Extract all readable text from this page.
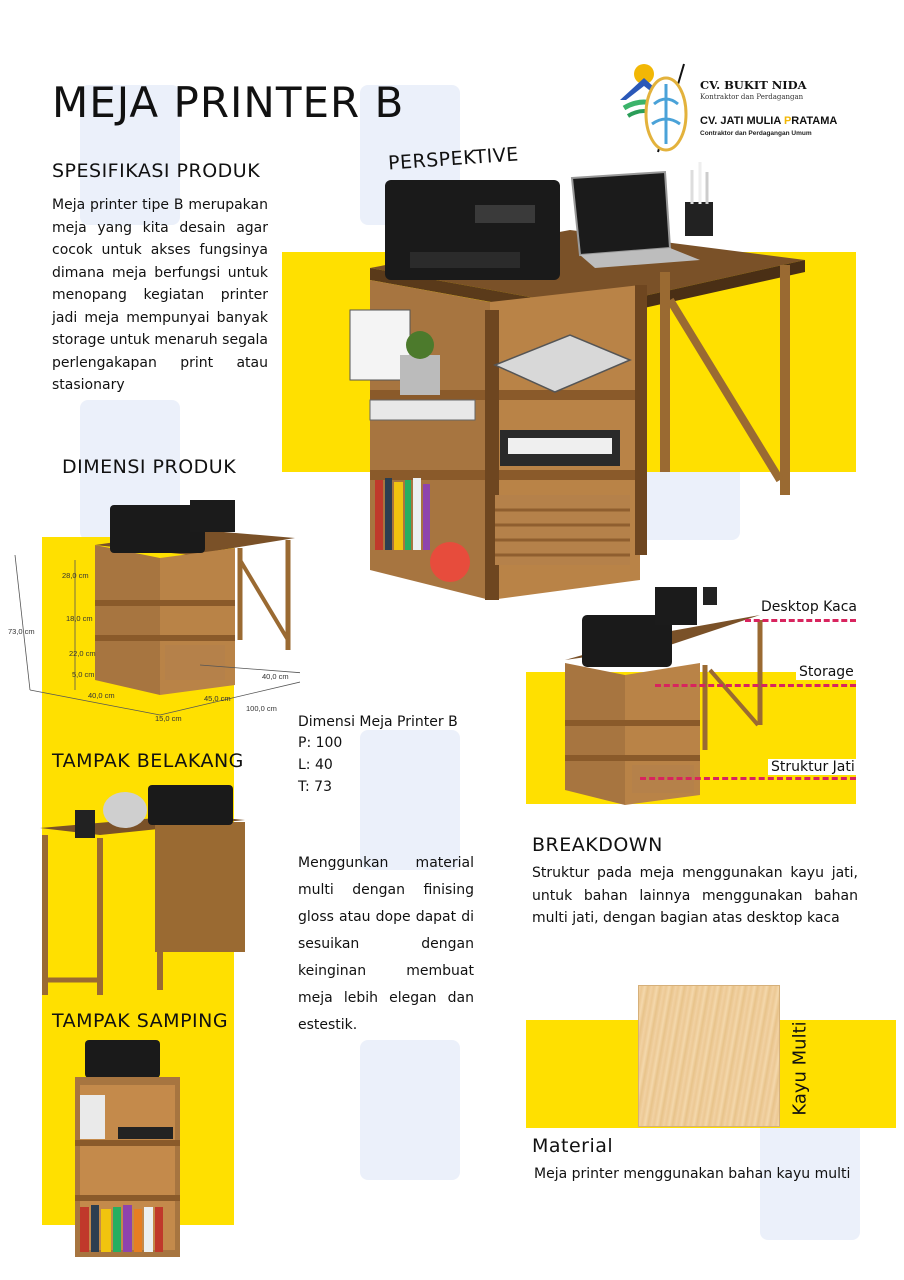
MEJA PRINTER B	CV. BUKIT NIDA
Kontraktor dan Perdagangan
CV. JATI MULIA PRATAMA
Contraktor dan Perdagangan Umum
SPESIFIKASI PRODUK
Meja printer tipe B merupakan meja yang kita desain agar cocok untuk akses fungsinya dimana meja berfungsi untuk menopang kegiatan printer jadi meja mempunyai banyak storage untuk menaruh segala perlengakapan print atau stasionary
PERSPEKTIVE
DIMENSI PRODUK
28,0 cm
18,0 cm
22,0 cm
5,0 cm
73,0 cm
40,0 cm
40,0 cm	45,0 cm
15,0 cm
100,0 cm
Dimensi Meja Printer B
P: 100
L: 40
T: 73
TAMPAK BELAKANG
Menggunkan material multi dengan finising gloss atau dope dapat di sesuikan dengan keinginan membuat meja lebih elegan dan estestik.
TAMPAK SAMPING
Desktop Kaca
Storage
Struktur Jati
BREAKDOWN
Struktur pada meja menggunakan kayu jati, untuk bahan lainnya menggunakan bahan multi jati, dengan bagian atas desktop kaca
Kayu Multi
Material
Meja printer menggunakan bahan kayu multi
